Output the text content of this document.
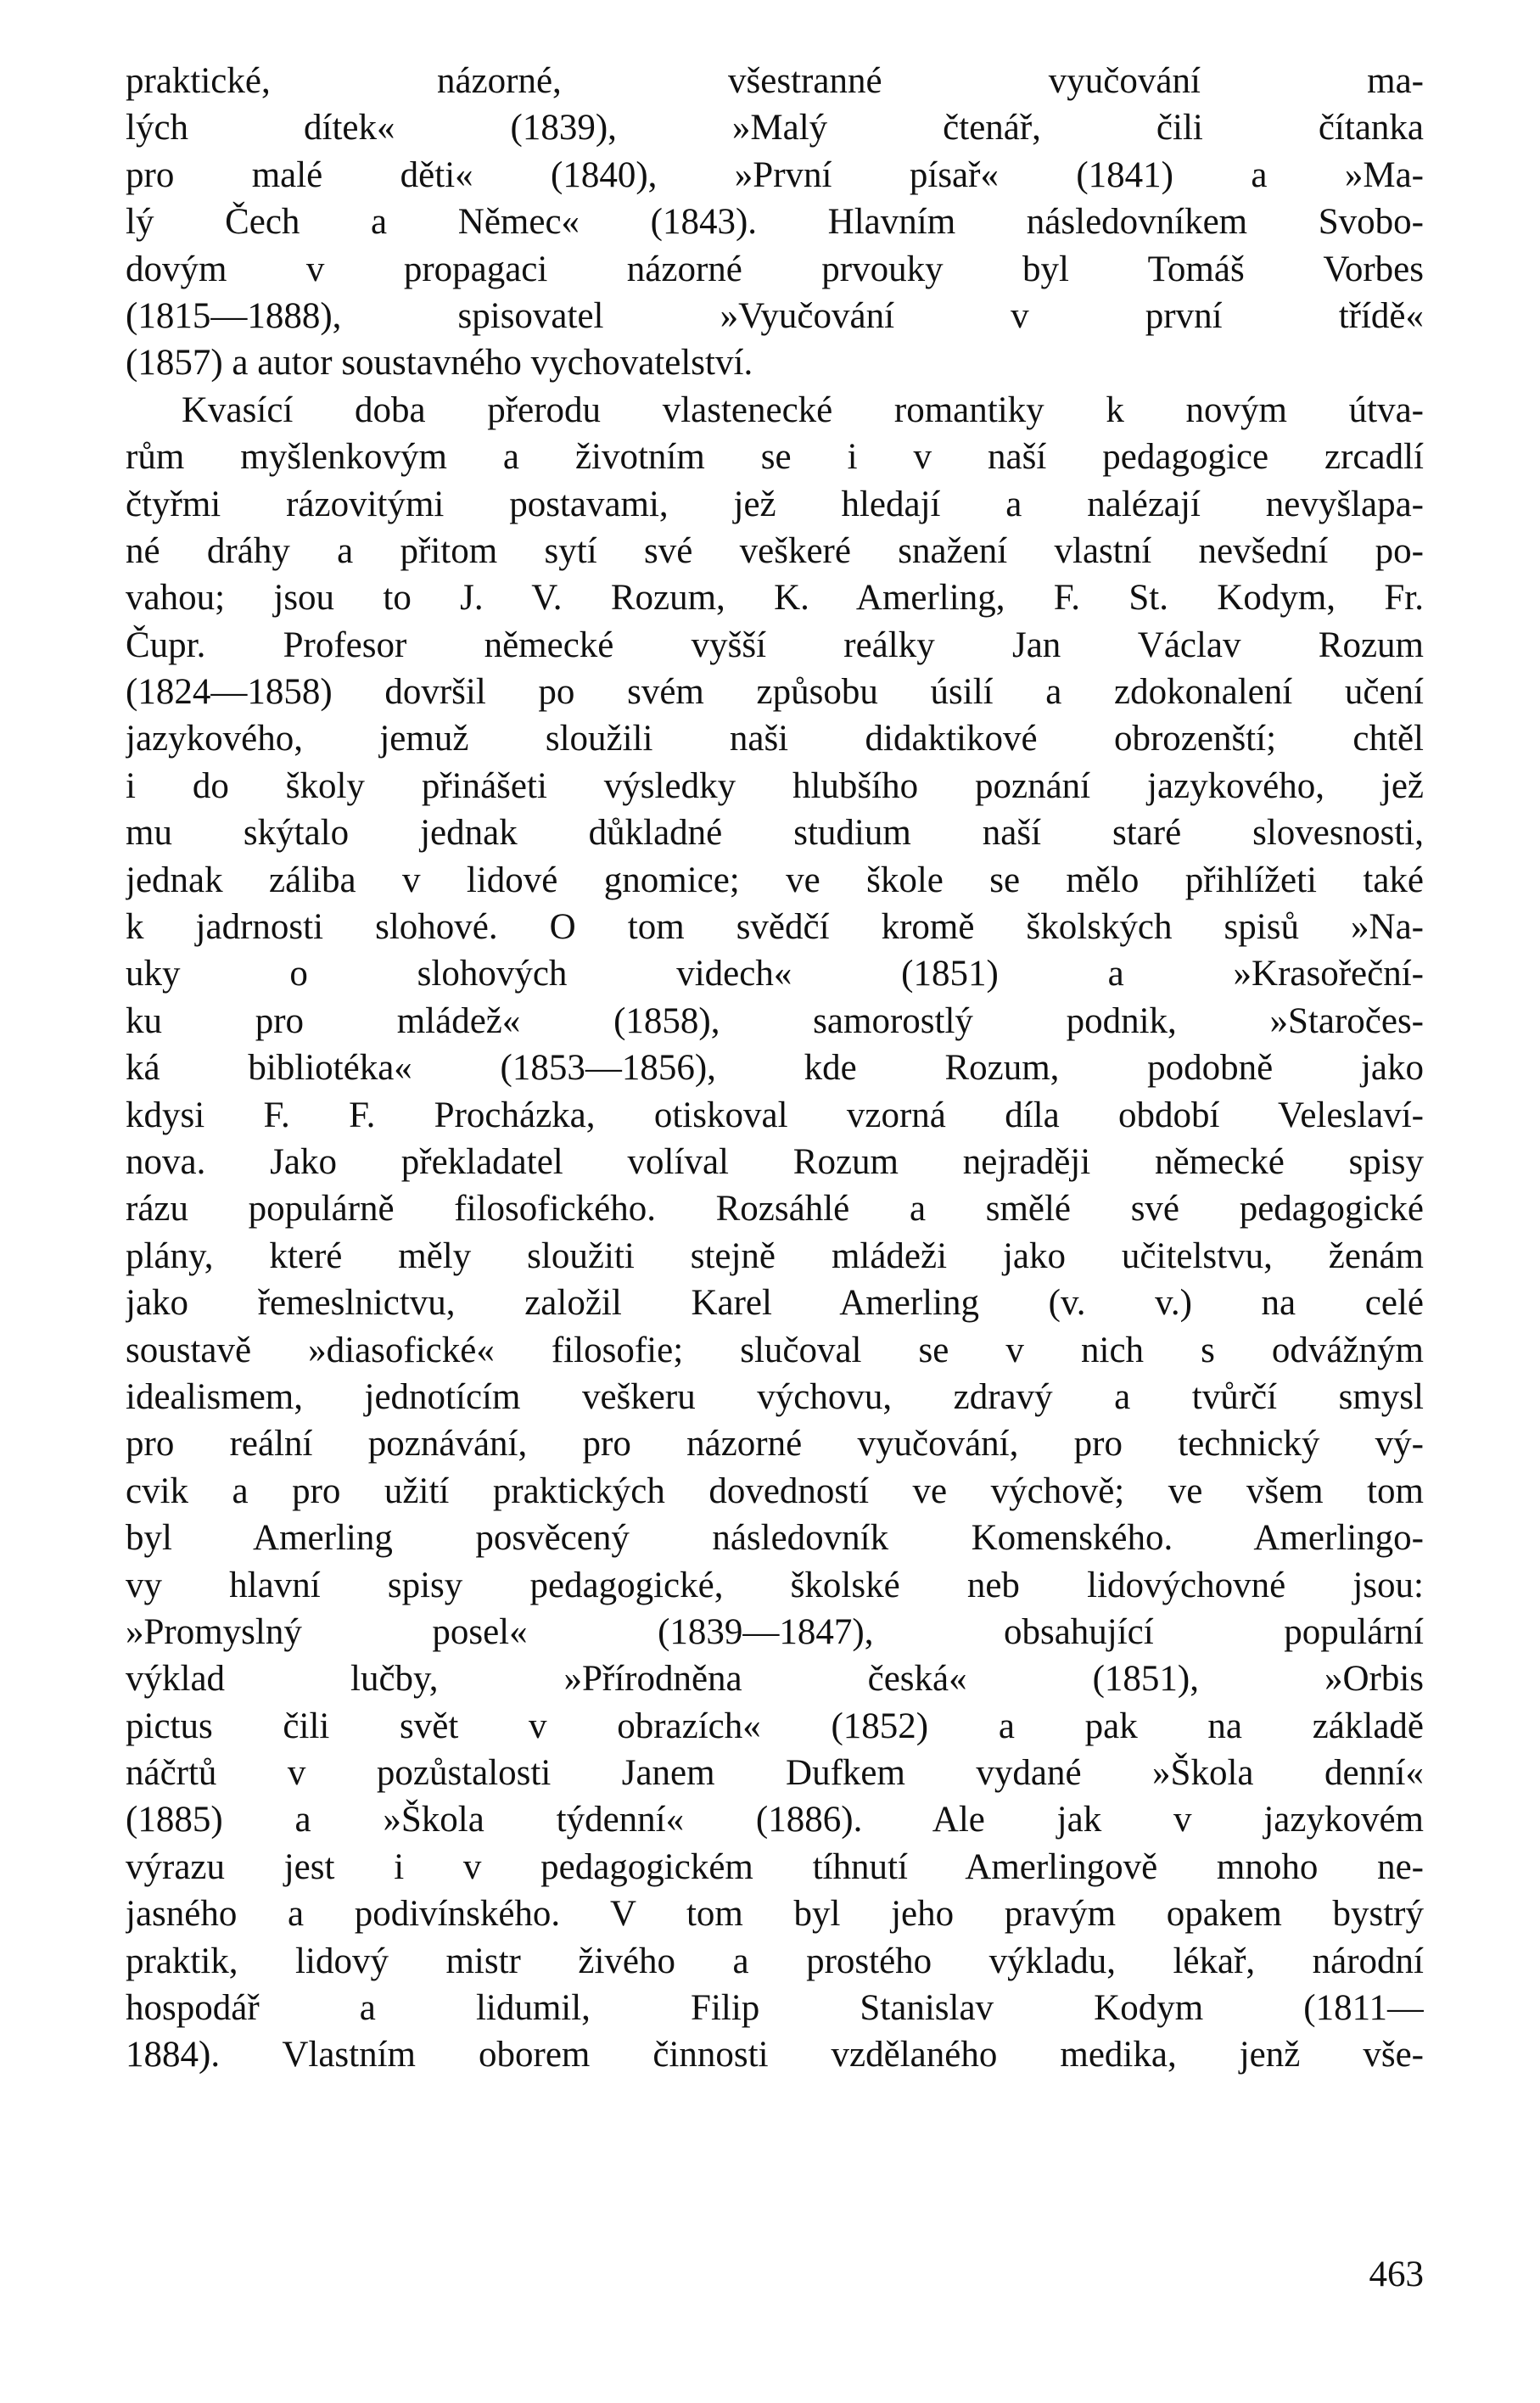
praktické, názorné, všestranné vyučování ma-
lých dítek« (1839), »Malý čtenář, čili čítanka
pro malé děti« (1840), »První písař« (1841) a »Ma-
lý Čech a Němec« (1843). Hlavním následovníkem Svobo-
dovým v propagaci názorné prvouky byl Tomáš Vorbes
(1815—1888), spisovatel »Vyučování v první třídě«
(1857) a autor soustavného vychovatelství.
Kvasící doba přerodu vlastenecké romantiky k novým útva-
rům myšlenkovým a životním se i v naší pedagogice zrcadlí
čtyřmi rázovitými postavami, jež hledají a nalézají nevyšlapa-
né dráhy a přitom sytí své veškeré snažení vlastní nevšední po-
vahou; jsou to J. V. Rozum, K. Amerling, F. St. Kodym, Fr.
Čupr. Profesor německé vyšší reálky Jan Václav Rozum
(1824—1858) dovršil po svém způsobu úsilí a zdokonalení učení
jazykového, jemuž sloužili naši didaktikové obrozenští; chtěl
i do školy přinášeti výsledky hlubšího poznání jazykového, jež
mu skýtalo jednak důkladné studium naší staré slovesnosti,
jednak záliba v lidové gnomice; ve škole se mělo přihlížeti také
k jadrnosti slohové. O tom svědčí kromě školských spisů »Na-
uky o slohových videch« (1851) a »Krasořeční-
ku pro mládež« (1858), samorostlý podnik, »Staročes-
ká bibliotéka« (1853—1856), kde Rozum, podobně jako
kdysi F. F. Procházka, otiskoval vzorná díla období Veleslaví-
nova. Jako překladatel volíval Rozum nejraději německé spisy
rázu populárně filosofického. Rozsáhlé a smělé své pedagogické
plány, které měly sloužiti stejně mládeži jako učitelstvu, ženám
jako řemeslnictvu, založil Karel Amerling (v. v.) na celé
soustavě »diasofické« filosofie; slučoval se v nich s odvážným
idealismem, jednotícím veškeru výchovu, zdravý a tvůrčí smysl
pro reální poznávání, pro názorné vyučování, pro technický vý-
cvik a pro užití praktických dovedností ve výchově; ve všem tom
byl Amerling posvěcený následovník Komenského. Amerlingo-
vy hlavní spisy pedagogické, školské neb lidovýchovné jsou:
»Promyslný posel« (1839—1847), obsahující populární
výklad lučby, »Přírodněna česká« (1851), »Orbis
pictus čili svět v obrazích« (1852) a pak na základě
náčrtů v pozůstalosti Janem Dufkem vydané »Škola denní«
(1885) a »Škola týdenní« (1886). Ale jak v jazykovém
výrazu jest i v pedagogickém tíhnutí Amerlingově mnoho ne-
jasného a podivínského. V tom byl jeho pravým opakem bystrý
praktik, lidový mistr živého a prostého výkladu, lékař, národní
hospodář a lidumil, Filip Stanislav Kodym (1811—
1884). Vlastním oborem činnosti vzdělaného medika, jenž vše-
463
